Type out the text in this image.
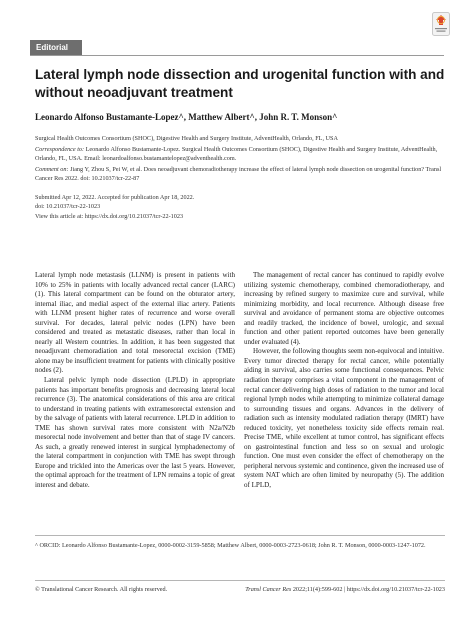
Editorial
Lateral lymph node dissection and urogenital function with and without neoadjuvant treatment
Leonardo Alfonso Bustamante-Lopez^, Matthew Albert^, John R. T. Monson^
Surgical Health Outcomes Consortium (SHOC), Digestive Health and Surgery Institute, AdventHealth, Orlando, FL, USA
Correspondence to: Leonardo Alfonso Bustamante-Lopez. Surgical Health Outcomes Consortium (SHOC), Digestive Health and Surgery Institute, AdventHealth, Orlando, FL, USA. Email: leonardoalfonso.bustamantelopez@adventhealth.com.
Comment on: Jiang Y, Zhou S, Pei W, et al. Does neoadjuvant chemoradiotherapy increase the effect of lateral lymph node dissection on urogenital function? Transl Cancer Res 2022. doi: 10.21037/tcr-22-87
Submitted Apr 12, 2022. Accepted for publication Apr 18, 2022.
doi: 10.21037/tcr-22-1023
View this article at: https://dx.doi.org/10.21037/tcr-22-1023

Lateral lymph node metastasis (LLNM) is present in patients with 10% to 25% in patients with locally advanced rectal cancer (LARC) (1). This lateral compartment can be found on the obturator artery, internal iliac, and medial aspect of the external iliac artery. Patients with LLNM present higher rates of recurrence and worse overall survival. For decades, lateral pelvic nodes (LPN) have been considered and treated as metastatic diseases, rather than local in nearly all Western countries. In addition, it has been suggested that neoadjuvant chemoradiation and total mesorectal excision (TME) alone may be insufficient treatment for patients with clinically positive nodes (2).

Lateral pelvic lymph node dissection (LPLD) in appropriate patients has important benefits prognosis and decreasing lateral local recurrence (3). The anatomical considerations of this area are critical to understand in treating patients with extramesorectal extension and by the salvage of patients with lateral recurrence. LPLD in addition to TME has shown survival rates more consistent with N2a/N2b mesorectal node involvement and better than that of stage IV cancers. As such, a greatly renewed interest in surgical lymphadenectomy of the lateral compartment in conjunction with TME has swept through Europe and trickled into the Americas over the last 5 years. However, the optimal approach for the treatment of LPN remains a topic of great interest and debate.

The management of rectal cancer has continued to rapidly evolve utilizing systemic chemotherapy, combined chemoradiotherapy, and increasing by refined surgery to maximize cure and survival, while minimizing morbidity, and local recurrence. Although disease free survival and avoidance of permanent stoma are objective outcomes and readily tracked, the incidence of bowel, urologic, and sexual function and other patient reported outcomes have been generally under evaluated (4).

However, the following thoughts seem non-equivocal and intuitive. Every tumor directed therapy for rectal cancer, while potentially aiding in survival, also carries some functional consequences. Pelvic radiation therapy comprises a vital component in the management of rectal cancer delivering high doses of radiation to the tumor and local regional lymph nodes while attempting to minimize collateral damage to surrounding tissues and organs. Advances in the delivery of radiation such as intensity modulated radiation therapy (IMRT) have reduced toxicity, yet nonetheless toxicity side effects remain real. Precise TME, while excellent at tumor control, has significant effects on gastrointestinal function and less so on sexual and urologic function. One must even consider the effect of chemotherapy on the peripheral nervous systemic and continence, given the increased use of system NAT which are often limited by neuropathy (5). The addition of LPLD,

^ ORCID: Leonardo Alfonso Bustamante-Lopez, 0000-0002-3159-5858; Matthew Albert, 0000-0003-2723-0618; John R. T. Monson, 0000-0003-1247-1072.
© Translational Cancer Research. All rights reserved.	Transl Cancer Res 2022;11(4):599-602 | https://dx.doi.org/10.21037/tcr-22-1023
